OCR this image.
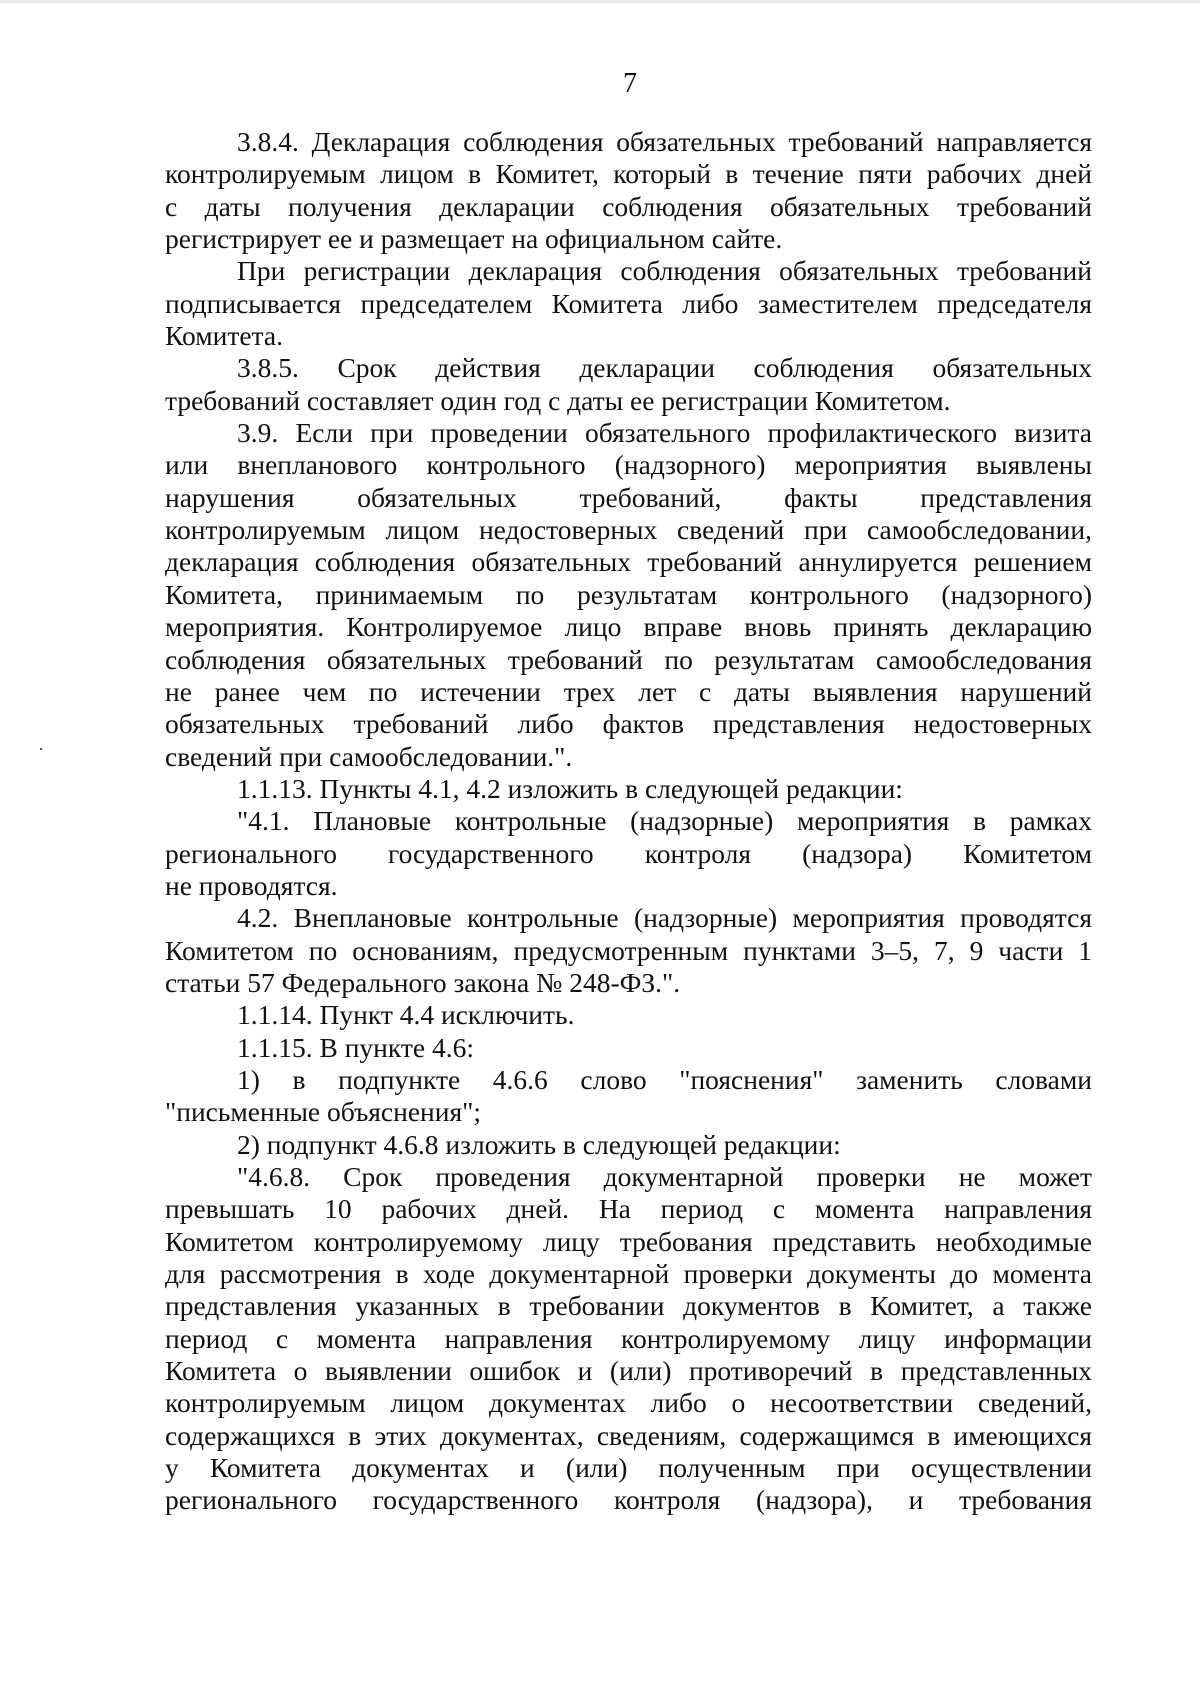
7
3.8.4. Декларация соблюдения обязательных требований направляется
контролируемым лицом в Комитет, который в течение пяти рабочих дней
с даты получения декларации соблюдения обязательных требований
регистрирует ее и размещает на официальном сайте.
При регистрации декларация соблюдения обязательных требований
подписывается председателем Комитета либо заместителем председателя
Комитета.
3.8.5. Срок действия декларации соблюдения обязательных
требований составляет один год с даты ее регистрации Комитетом.
3.9. Если при проведении обязательного профилактического визита
или внепланового контрольного (надзорного) мероприятия выявлены
нарушения обязательных требований, факты представления
контролируемым лицом недостоверных сведений при самообследовании,
декларация соблюдения обязательных требований аннулируется решением
Комитета, принимаемым по результатам контрольного (надзорного)
мероприятия. Контролируемое лицо вправе вновь принять декларацию
соблюдения обязательных требований по результатам самообследования
не ранее чем по истечении трех лет с даты выявления нарушений
обязательных требований либо фактов представления недостоверных
сведений при самообследовании.".
1.1.13. Пункты 4.1, 4.2 изложить в следующей редакции:
"4.1. Плановые контрольные (надзорные) мероприятия в рамках
регионального государственного контроля (надзора) Комитетом
не проводятся.
4.2. Внеплановые контрольные (надзорные) мероприятия проводятся
Комитетом по основаниям, предусмотренным пунктами 3–5, 7, 9 части 1
статьи 57 Федерального закона № 248-ФЗ.".
1.1.14. Пункт 4.4 исключить.
1.1.15. В пункте 4.6:
1) в подпункте 4.6.6 слово "пояснения" заменить словами
"письменные объяснения";
2) подпункт 4.6.8 изложить в следующей редакции:
"4.6.8. Срок проведения документарной проверки не может
превышать 10 рабочих дней. На период с момента направления
Комитетом контролируемому лицу требования представить необходимые
для рассмотрения в ходе документарной проверки документы до момента
представления указанных в требовании документов в Комитет, а также
период с момента направления контролируемому лицу информации
Комитета о выявлении ошибок и (или) противоречий в представленных
контролируемым лицом документах либо о несоответствии сведений,
содержащихся в этих документах, сведениям, содержащимся в имеющихся
у Комитета документах и (или) полученным при осуществлении
регионального государственного контроля (надзора), и требования
